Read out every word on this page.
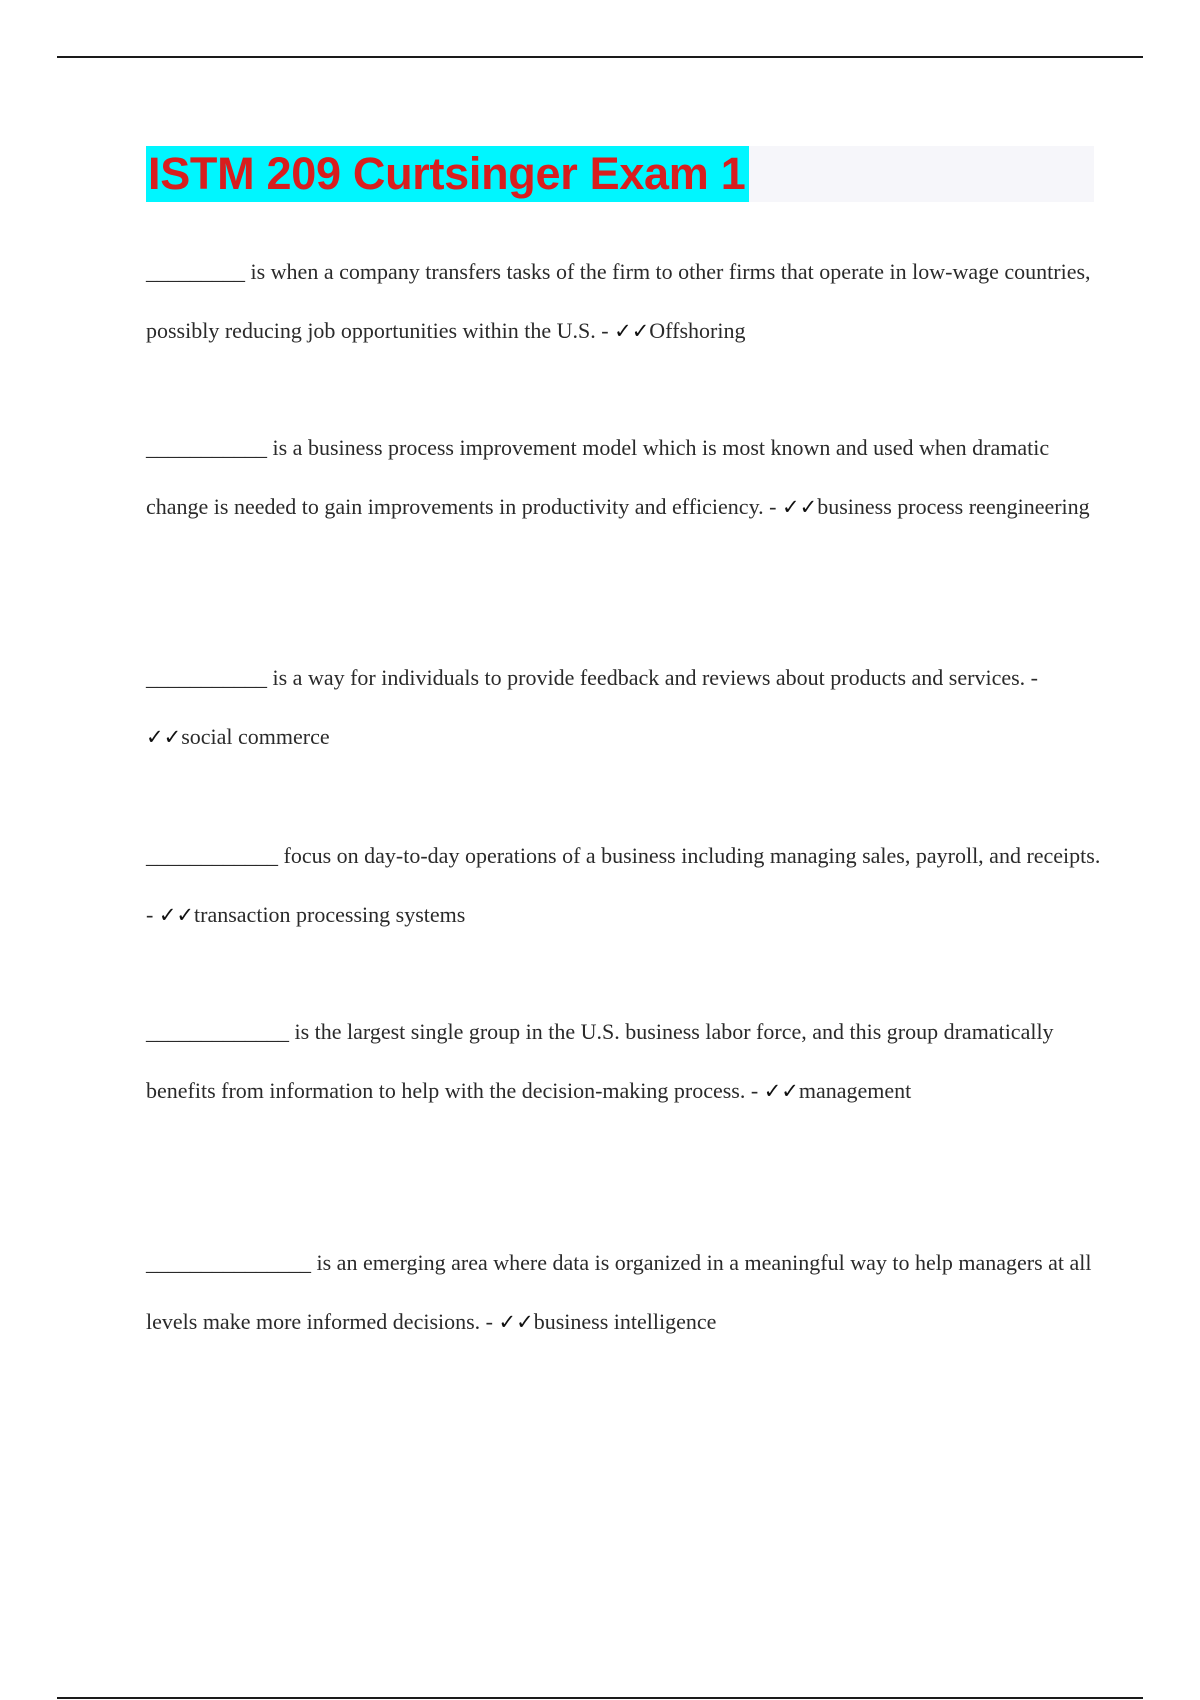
ISTM 209 Curtsinger Exam 1

_________ is when a company transfers tasks of the firm to other firms that operate in low-wage countries, possibly reducing job opportunities within the U.S. - ✓✓Offshoring

___________ is a business process improvement model which is most known and used when dramatic change is needed to gain improvements in productivity and efficiency. - ✓✓business process reengineering

___________ is a way for individuals to provide feedback and reviews about products and services. - ✓✓social commerce

____________ focus on day-to-day operations of a business including managing sales, payroll, and receipts. - ✓✓transaction processing systems

_____________ is the largest single group in the U.S. business labor force, and this group dramatically benefits from information to help with the decision-making process. - ✓✓management

_______________ is an emerging area where data is organized in a meaningful way to help managers at all levels make more informed decisions. - ✓✓business intelligence
